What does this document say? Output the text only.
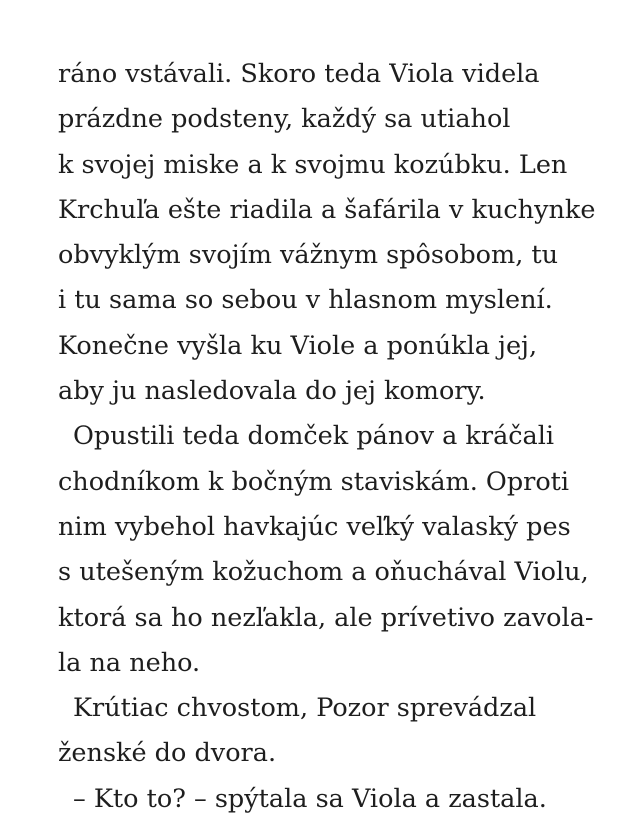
ráno vstávali. Skoro teda Viola videla
prázdne podsteny, každý sa utiahol
k svojej miske a k svojmu kozúbku. Len
Krchuľa ešte riadila a šafárila v kuchynke
obvyklým svojím vážnym spôsobom, tu
i tu sama so sebou v hlasnom myslení.
Konečne vyšla ku Viole a ponúkla jej,
aby ju nasledovala do jej komory.
Opustili teda domček pánov a kráčali
chodníkom k bočným staviskám. Oproti
nim vybehol havkajúc veľký valaský pes
s utešeným kožuchom a oňuchával Violu,
ktorá sa ho nezľakla, ale prívetivo zavola-
la na neho.
Krútiac chvostom, Pozor sprevádzal
ženské do dvora.
– Kto to? – spýtala sa Viola a zastala.
